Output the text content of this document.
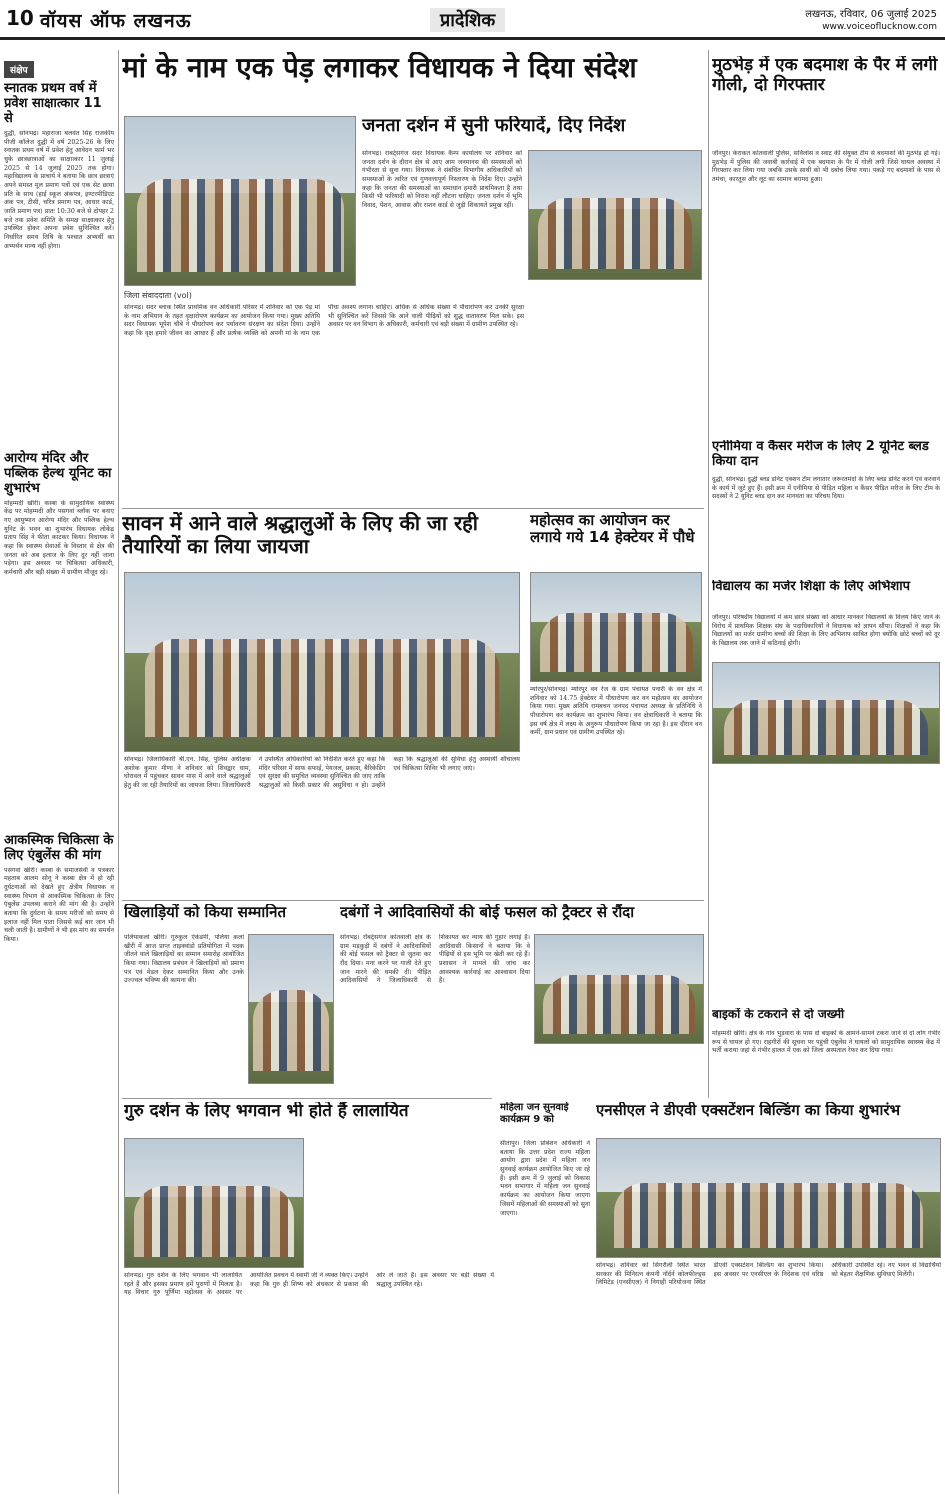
10 वॉयस ऑफ लखनऊ	प्रादेशिक	लखनऊ, रविवार, 06 जुलाई 2025
www.voiceoflucknow.com
संक्षेप
स्नातक प्रथम वर्ष में प्रवेश साक्षात्कार 11 से
दुद्धी, सोनभद्र। महाराजा बलवंत सिंह राजकीय पीजी कॉलेज दुद्धी में वर्ष 2025-26 के लिए स्नातक प्रथम वर्ष में प्रवेश हेतु आवेदन फार्म भर चुके छात्रछात्राओं का साक्षात्कार 11 जुलाई 2025 से 14 जुलाई 2025 तक होगा। महाविद्यालय के प्राचार्य ने बताया कि छात्र छात्राएं अपने समस्त मूल प्रमाण पत्रों एवं एक सेट छाया प्रति के साथ (हाई स्कूल अंकपत्र, इण्टरमीडिएट अंक पत्र, टीसी, चरित्र प्रमाण पत्र, आधार कार्ड, जाति प्रमाण पत्र) प्रातः 10:30 बजे से दोपहर 2 बजे तक प्रवेश समिति के समक्ष साक्षात्कार हेतु उपस्थित होकर अपना प्रवेश सुनिश्चित करें। निर्धारित समय तिथि के पश्चात अभ्यर्थी का अभ्यर्थन मान्य नहीं होगा।
आरोग्य मंदिर और पब्लिक हेल्थ यूनिट का शुभारंभ
मोहम्मदी खीरी। कस्बा के सामुदायिक स्वास्थ्य केंद्र पर मोहम्मदी और पसगवां ब्लॉक पर बनाए गए आयुष्मान आरोग्य मंदिर और पब्लिक हेल्थ यूनिट के भवन का शुभारंभ विधायक लोकेंद्र प्रताप सिंह ने फीता काटकर किया। विधायक ने कहा कि स्वास्थ्य सेवाओं के विस्तार से क्षेत्र की जनता को अब इलाज के लिए दूर नहीं जाना पड़ेगा। इस अवसर पर चिकित्सा अधिकारी, कर्मचारी और बड़ी संख्या में ग्रामीण मौजूद रहे।
आकस्मिक चिकित्सा के लिए एंबुलेंस की मांग
पसगवां खीरी। कस्बा के समाजसेवी व पत्रकार महताब आलम सोनू ने कस्बा क्षेत्र में हो रही दुर्घटनाओं को देखते हुए क्षेत्रीय विधायक व स्वास्थ्य विभाग से आकस्मिक चिकित्सा के लिए एंबुलेंस उपलब्ध कराने की मांग की है। उन्होंने बताया कि दुर्घटना के समय मरीजों को समय से इलाज नहीं मिल पाता जिससे कई बार जान भी चली जाती है। ग्रामीणों ने भी इस मांग का समर्थन किया।
मां के नाम एक पेड़ लगाकर विधायक ने दिया संदेश
जिला संवाददाता (vol)
सोनभद्र। सदर ब्लाक स्थित प्राथमिक वन अधिकारी परिसर में शनिवार को एक पेड़ मां के नाम अभियान के तहत वृक्षारोपण कार्यक्रम का आयोजन किया गया। मुख्य अतिथि सदर विधायक भूपेश चौबे ने पौधरोपण कर पर्यावरण संरक्षण का संदेश दिया। उन्होंने कहा कि वृक्ष हमारे जीवन का आधार हैं और प्रत्येक व्यक्ति को अपनी मां के नाम एक पौधा अवश्य लगाना चाहिए। अधिक से अधिक संख्या में पौधारोपण कर उनकी सुरक्षा भी सुनिश्चित करें जिससे कि आने वाली पीढ़ियों को शुद्ध वातावरण मिल सके। इस अवसर पर वन विभाग के अधिकारी, कर्मचारी एवं बड़ी संख्या में ग्रामीण उपस्थित रहे।
जनता दर्शन में सुनी फरियादें, दिए निर्देश
सोनभद्र। राबर्ट्सगंज सदर विधायक कैम्प कार्यालय पर शनिवार को जनता दर्शन के दौरान क्षेत्र से आए आम जनमानस की समस्याओं को गंभीरता से सुना गया। विधायक ने संबंधित विभागीय अधिकारियों को समस्याओं के त्वरित एवं गुणवत्तापूर्ण निस्तारण के निर्देश दिए। उन्होंने कहा कि जनता की समस्याओं का समाधान हमारी प्राथमिकता है तथा किसी भी फरियादी को निराश नहीं लौटना चाहिए। जनता दर्शन में भूमि विवाद, पेंशन, आवास और राशन कार्ड से जुड़ी शिकायतें प्रमुख रहीं।
सावन में आने वाले श्रद्धालुओं के लिए की जा रही तैयारियों का लिया जायजा
सोनभद्र। जिलाधिकारी बी.एन. सिंह, पुलिस अधीक्षक अशोक कुमार मीणा ने शनिवार को शिवद्वार धाम, घोरावल में पहुंचकर सावन मास में आने वाले श्रद्धालुओं हेतु की जा रही तैयारियों का जायजा लिया। जिलाधिकारी ने उपस्थित अधिकारियों को निर्देशित करते हुए कहा कि मंदिर परिसर में साफ सफाई, पेयजल, प्रकाश, बैरिकेडिंग एवं सुरक्षा की समुचित व्यवस्था सुनिश्चित की जाए ताकि श्रद्धालुओं को किसी प्रकार की असुविधा न हो। उन्होंने कहा कि श्रद्धालुओं की सुविधा हेतु अस्थायी शौचालय एवं चिकित्सा शिविर भी लगाए जाएं।
महोत्सव का आयोजन कर लगाये गये 14 हेक्टेयर में पौधे
म्योरपुर/सोनभद्र। म्योरपुर वन रेंज के ग्राम पंचायत पनारी के वन क्षेत्र में शनिवार को 14.75 हेक्टेयर में पौधारोपण कर वन महोत्सव का आयोजन किया गया। मुख्य अतिथि रामबचन जनपद पंचायत अध्यक्ष के प्रतिनिधि ने पौधारोपण कर कार्यक्रम का शुभारंभ किया। वन क्षेत्राधिकारी ने बताया कि इस वर्ष क्षेत्र में लक्ष्य के अनुरूप पौधारोपण किया जा रहा है। इस दौरान वन कर्मी, ग्राम प्रधान एवं ग्रामीण उपस्थित रहे।
खिलाड़ियों को किया सम्मानित
पलियाकलां खीरी। गुरुकुल ऐकेडमी, पलिया कलां खीरी में आज प्राप्त ताइक्वांडो प्रतियोगिता में पदक जीतने वाले खिलाड़ियों का सम्मान समारोह आयोजित किया गया। विद्यालय प्रबंधन ने खिलाड़ियों को प्रमाण पत्र एवं मेडल देकर सम्मानित किया और उनके उज्ज्वल भविष्य की कामना की।
दबंगों ने आदिवासियों की बोई फसल को ट्रैक्टर से रौंदा
सोनभद्र। रॉबर्ट्सगंज कोतवाली क्षेत्र के ग्राम मड़कुड़ी में दबंगों ने आदिवासियों की बोई फसल को ट्रैक्टर से जुतवा कर रौंद दिया। मना करने पर गाली देते हुए जान मारने की धमकी दी। पीड़ित आदिवासियों ने जिलाधिकारी से शिकायत कर न्याय की गुहार लगाई है। आदिवासी किसानों ने बताया कि वे पीढ़ियों से इस भूमि पर खेती कर रहे हैं। प्रशासन ने मामले की जांच कर आवश्यक कार्रवाई का आश्वासन दिया है।
गुरु दर्शन के लिए भगवान भी होते हैं लालायित
सोनभद्र। गुरु दर्शन के लिए भगवान भी लालायित रहते हैं और इसका प्रमाण हमें पुराणों में मिलता है। यह विचार गुरु पूर्णिमा महोत्सव के अवसर पर आयोजित प्रवचन में स्वामी जी ने व्यक्त किए। उन्होंने कहा कि गुरु ही शिष्य को अंधकार से प्रकाश की ओर ले जाते हैं। इस अवसर पर बड़ी संख्या में श्रद्धालु उपस्थित रहे।
महिला जन सुनवाई कार्यक्रम 9 को
सीतापुर। जिला प्रोबेशन अधिकारी ने बताया कि उत्तर प्रदेश राज्य महिला आयोग द्वारा प्रदेश में महिला जन सुनवाई कार्यक्रम आयोजित किए जा रहे हैं। इसी क्रम में 9 जुलाई को विकास भवन सभागार में महिला जन सुनवाई कार्यक्रम का आयोजन किया जाएगा जिसमें महिलाओं की समस्याओं को सुना जाएगा।
एनसीएल ने डीएवी एक्सटेंशन बिल्डिंग का किया शुभारंभ
सोनभद्र। शनिवार को सिंगरौली स्थित भारत सरकार की मिनिरत्न कंपनी नॉर्दर्न कोलफील्ड्स लिमिटेड (एनसीएल) ने निगाही परियोजना स्थित डीएवी एक्सटेंशन बिल्डिंग का शुभारंभ किया। इस अवसर पर एनसीएल के निदेशक एवं वरिष्ठ अधिकारी उपस्थित रहे। नए भवन से विद्यार्थियों को बेहतर शैक्षणिक सुविधाएं मिलेंगी।
मुठभेड़ में एक बदमाश के पैर में लगी गोली, दो गिरफ्तार
जौनपुर। केराकत कोतवाली पुलिस, सर्विलांस व स्वाट की संयुक्त टीम से बदमाशों की मुठभेड़ हो गई। मुठभेड़ में पुलिस की जवाबी कार्रवाई में एक बदमाश के पैर में गोली लगी जिसे घायल अवस्था में गिरफ्तार कर लिया गया जबकि उसके साथी को भी दबोच लिया गया। पकड़े गए बदमाशों के पास से तमंचा, कारतूस और लूट का सामान बरामद हुआ।
एनीमिया व कैंसर मरीज के लिए 2 यूनिट ब्लड किया दान
दुद्धी, सोनभद्र। दुद्धी ब्लड डोनेट एक्शन टीम लगातार जरूरतमंदों के लिए ब्लड डोनेट करने एवं करवाने के कार्य में जुटे हुए हैं। इसी क्रम में एनीमिया से पीड़ित महिला व कैंसर पीड़ित मरीज के लिए टीम के सदस्यों ने 2 यूनिट ब्लड दान कर मानवता का परिचय दिया।
विद्यालय का मर्जर शिक्षा के लिए अभिशाप
जौनपुर। परिषदीय विद्यालयों में कम छात्र संख्या को आधार मानकर विद्यालयों के विलय किए जाने के विरोध में प्राथमिक शिक्षक संघ के पदाधिकारियों ने विधायक को ज्ञापन सौंपा। शिक्षकों ने कहा कि विद्यालयों का मर्जर ग्रामीण बच्चों की शिक्षा के लिए अभिशाप साबित होगा क्योंकि छोटे बच्चों को दूर के विद्यालय तक जाने में कठिनाई होगी।
बाइकों के टकराने से दो जख्मी
मोहम्मदी खीरी। क्षेत्र के गांव भुड़वारा के पास दो बाइकों के आमने-सामने टकरा जाने से दो लोग गंभीर रूप से घायल हो गए। राहगीरों की सूचना पर पहुंची एंबुलेंस ने घायलों को सामुदायिक स्वास्थ्य केंद्र में भर्ती कराया जहां से गंभीर हालत में एक को जिला अस्पताल रेफर कर दिया गया।
